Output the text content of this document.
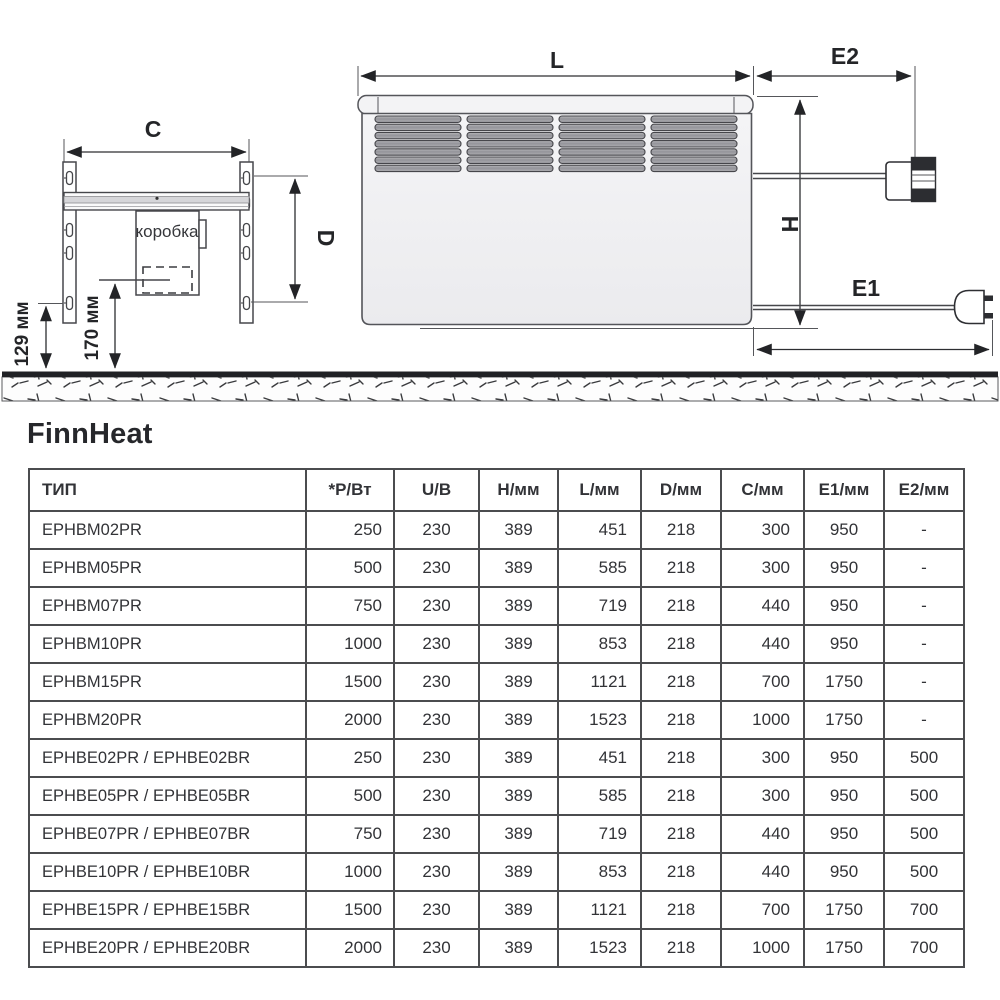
C
коробка	D
129 мм	170 мм
L	E2
H
E1
FinnHeat
ТИП	*Р/Вт	U/B	Н/мм	L/мм	D/мм	С/мм	Е1/мм	Е2/мм
EPHBM02PR	250	230	389	451	218	300	950	-
EPHBM05PR	500	230	389	585	218	300	950	-
EPHBM07PR	750	230	389	719	218	440	950	-
EPHBM10PR	1000	230	389	853	218	440	950	-
EPHBM15PR	1500	230	389	1121	218	700	1750	-
EPHBM20PR	2000	230	389	1523	218	1000	1750	-
EPHBE02PR / EPHBE02BR	250	230	389	451	218	300	950	500
EPHBE05PR / EPHBE05BR	500	230	389	585	218	300	950	500
EPHBE07PR / EPHBE07BR	750	230	389	719	218	440	950	500
EPHBE10PR / EPHBE10BR	1000	230	389	853	218	440	950	500
EPHBE15PR / EPHBE15BR	1500	230	389	1121	218	700	1750	700
EPHBE20PR / EPHBE20BR	2000	230	389	1523	218	1000	1750	700
